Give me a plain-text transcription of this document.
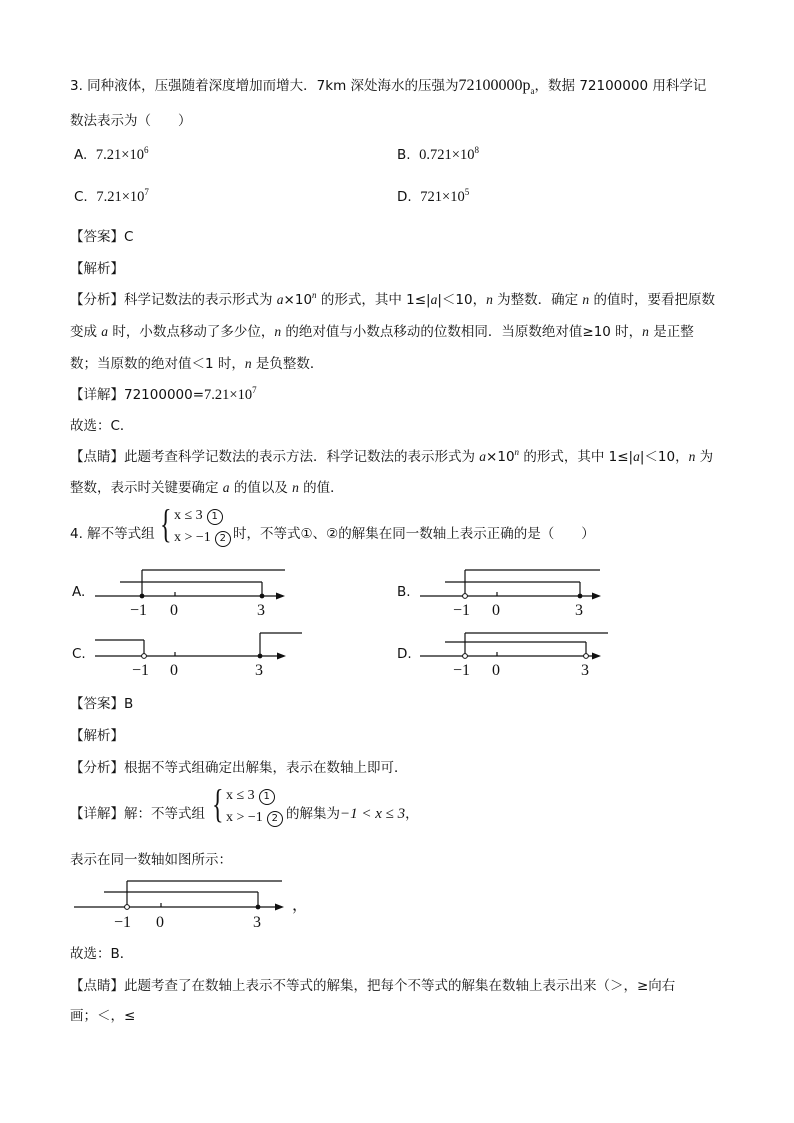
3. 同种液体，压强随着深度增加而增大．7km 深处海水的压强为$72100000p_a$，数据 72100000 用科学记
数法表示为（　　）
A. $7.21\times 10^6$	B. $0.721\times 10^8$
C. $7.21\times 10^7$	D. $721\times 10^5$
【答案】C
【解析】
【分析】科学记数法的表示形式为 $a\times 10^n$ 的形式，其中 1≤|a|＜10，n 为整数．确定 n 的值时，要看把原数
变成 a 时，小数点移动了多少位，n 的绝对值与小数点移动的位数相同．当原数绝对值≥10 时，n 是正整
数；当原数的绝对值＜1 时，n 是负整数．
【详解】$72100000=7.21\times 10^7$
故选：C．
【点睛】此题考查科学记数法的表示方法．科学记数法的表示形式为 $a\times 10^n$ 的形式，其中 1≤|a|＜10，n 为
整数，表示时关键要确定 a 的值以及 n 的值．
4. 解不等式组 { x ≤ 3 1
x > −1 2 时，不等式①、②的解集在同一数轴上表示正确的是（　　）
A.	B.
C.	D.
−1 0	3	−1 0	3
−1 0	3	−1 0	3
【答案】B
【解析】
【分析】根据不等式组确定出解集，表示在数轴上即可．
【详解】解：不等式组 { x ≤ 3 1
x > −1 2 的解集为−1 < x ≤ 3，
表示在同一数轴如图所示：
−1 0	3
，
故选：B．
【点睛】此题考查了在数轴上表示不等式的解集，把每个不等式的解集在数轴上表示出来（＞，≥向右
画；＜，≤
